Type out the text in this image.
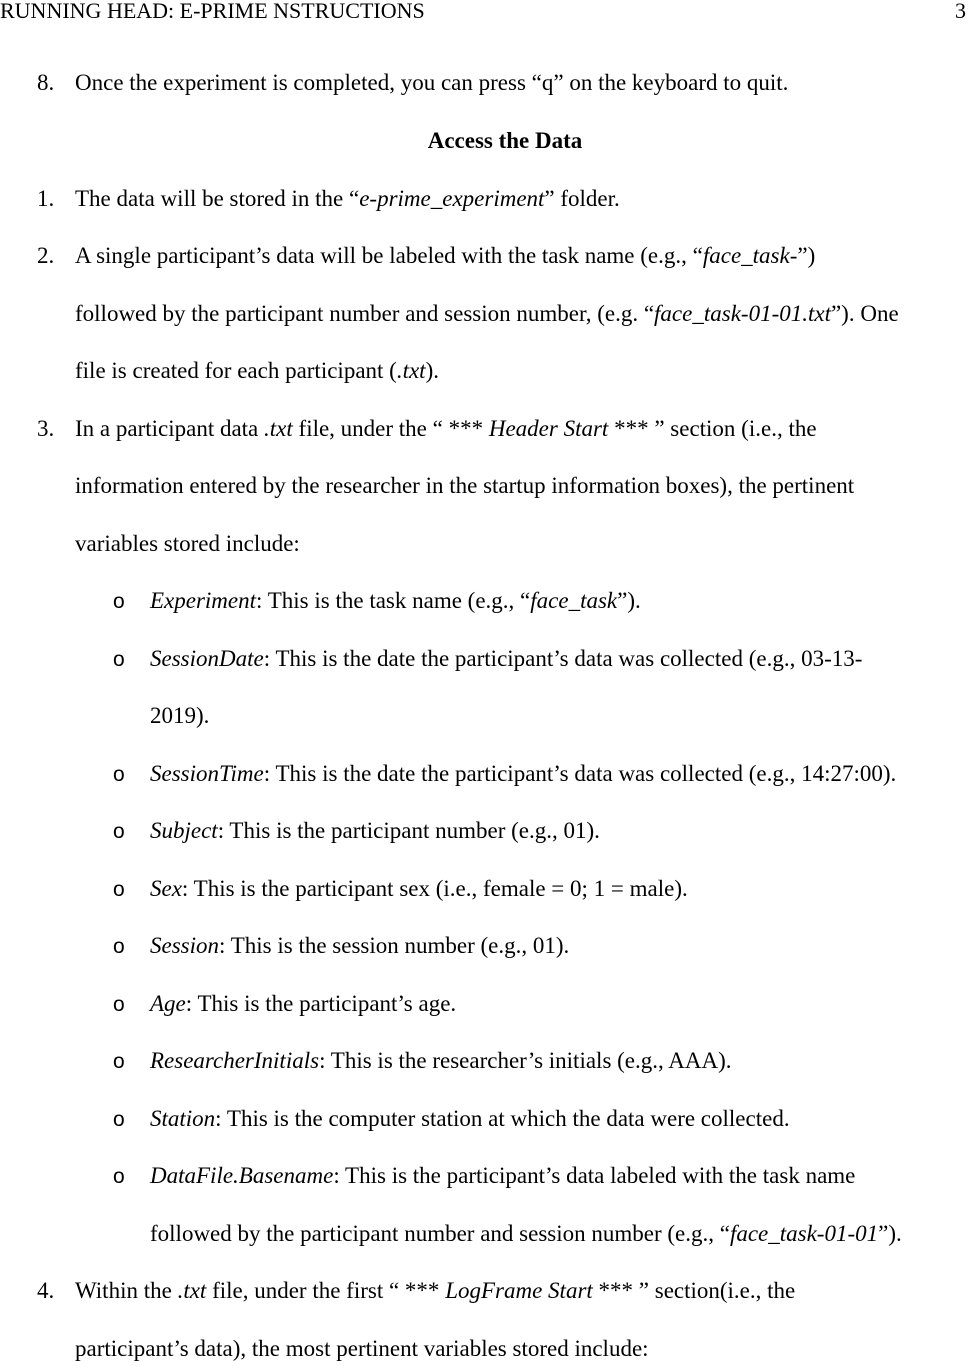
RUNNING HEAD: E-PRIME NSTRUCTIONS	3
8. Once the experiment is completed, you can press “q” on the keyboard to quit.
Access the Data
1. The data will be stored in the “e-prime_experiment” folder.
2. A single participant’s data will be labeled with the task name (e.g., “face_task-”)
followed by the participant number and session number, (e.g. “face_task-01-01.txt”). One
file is created for each participant (.txt).
3. In a participant data .txt file, under the “ *** Header Start *** ” section (i.e., the
information entered by the researcher in the startup information boxes), the pertinent
variables stored include:
o Experiment: This is the task name (e.g., “face_task”).
o SessionDate: This is the date the participant’s data was collected (e.g., 03-13-
2019).
o SessionTime: This is the date the participant’s data was collected (e.g., 14:27:00).
o Subject: This is the participant number (e.g., 01).
o Sex: This is the participant sex (i.e., female = 0; 1 = male).
o Session: This is the session number (e.g., 01).
o Age: This is the participant’s age.
o ResearcherInitials: This is the researcher’s initials (e.g., AAA).
o Station: This is the computer station at which the data were collected.
o DataFile.Basename: This is the participant’s data labeled with the task name
followed by the participant number and session number (e.g., “face_task-01-01”).
4. Within the .txt file, under the first “ *** LogFrame Start *** ” section(i.e., the
participant’s data), the most pertinent variables stored include:
